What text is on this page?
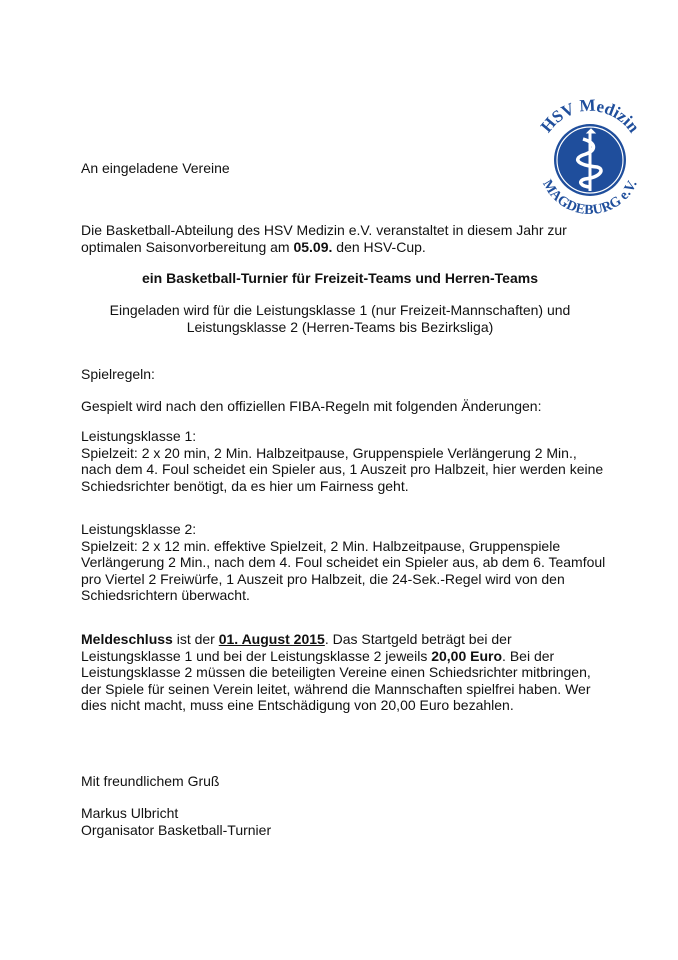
HSV Medizin
MAGDEBURG e.V.

An eingeladene Vereine

Die Basketball-Abteilung des HSV Medizin e.V. veranstaltet in diesem Jahr zur

optimalen Saisonvorbereitung am 05.09. den HSV-Cup.

ein Basketball-Turnier für Freizeit-Teams und Herren-Teams

Eingeladen wird für die Leistungsklasse 1 (nur Freizeit-Mannschaften) und

Leistungsklasse 2 (Herren-Teams bis Bezirksliga)

Spielregeln:

Gespielt wird nach den offiziellen FIBA-Regeln mit folgenden Änderungen:

Leistungsklasse 1:

Spielzeit: 2 x 20 min, 2 Min. Halbzeitpause, Gruppenspiele Verlängerung 2 Min.,

nach dem 4. Foul scheidet ein Spieler aus, 1 Auszeit pro Halbzeit, hier werden keine

Schiedsrichter benötigt, da es hier um Fairness geht.

Leistungsklasse 2:

Spielzeit: 2 x 12 min. effektive Spielzeit, 2 Min. Halbzeitpause, Gruppenspiele

Verlängerung 2 Min., nach dem 4. Foul scheidet ein Spieler aus, ab dem 6. Teamfoul

pro Viertel 2 Freiwürfe, 1 Auszeit pro Halbzeit, die 24-Sek.-Regel wird von den

Schiedsrichtern überwacht.

Meldeschluss ist der 01. August 2015. Das Startgeld beträgt bei der

Leistungsklasse 1 und bei der Leistungsklasse 2 jeweils 20,00 Euro. Bei der

Leistungsklasse 2 müssen die beteiligten Vereine einen Schiedsrichter mitbringen,

der Spiele für seinen Verein leitet, während die Mannschaften spielfrei haben. Wer

dies nicht macht, muss eine Entschädigung von 20,00 Euro bezahlen.

Mit freundlichem Gruß

Markus Ulbricht

Organisator Basketball-Turnier
